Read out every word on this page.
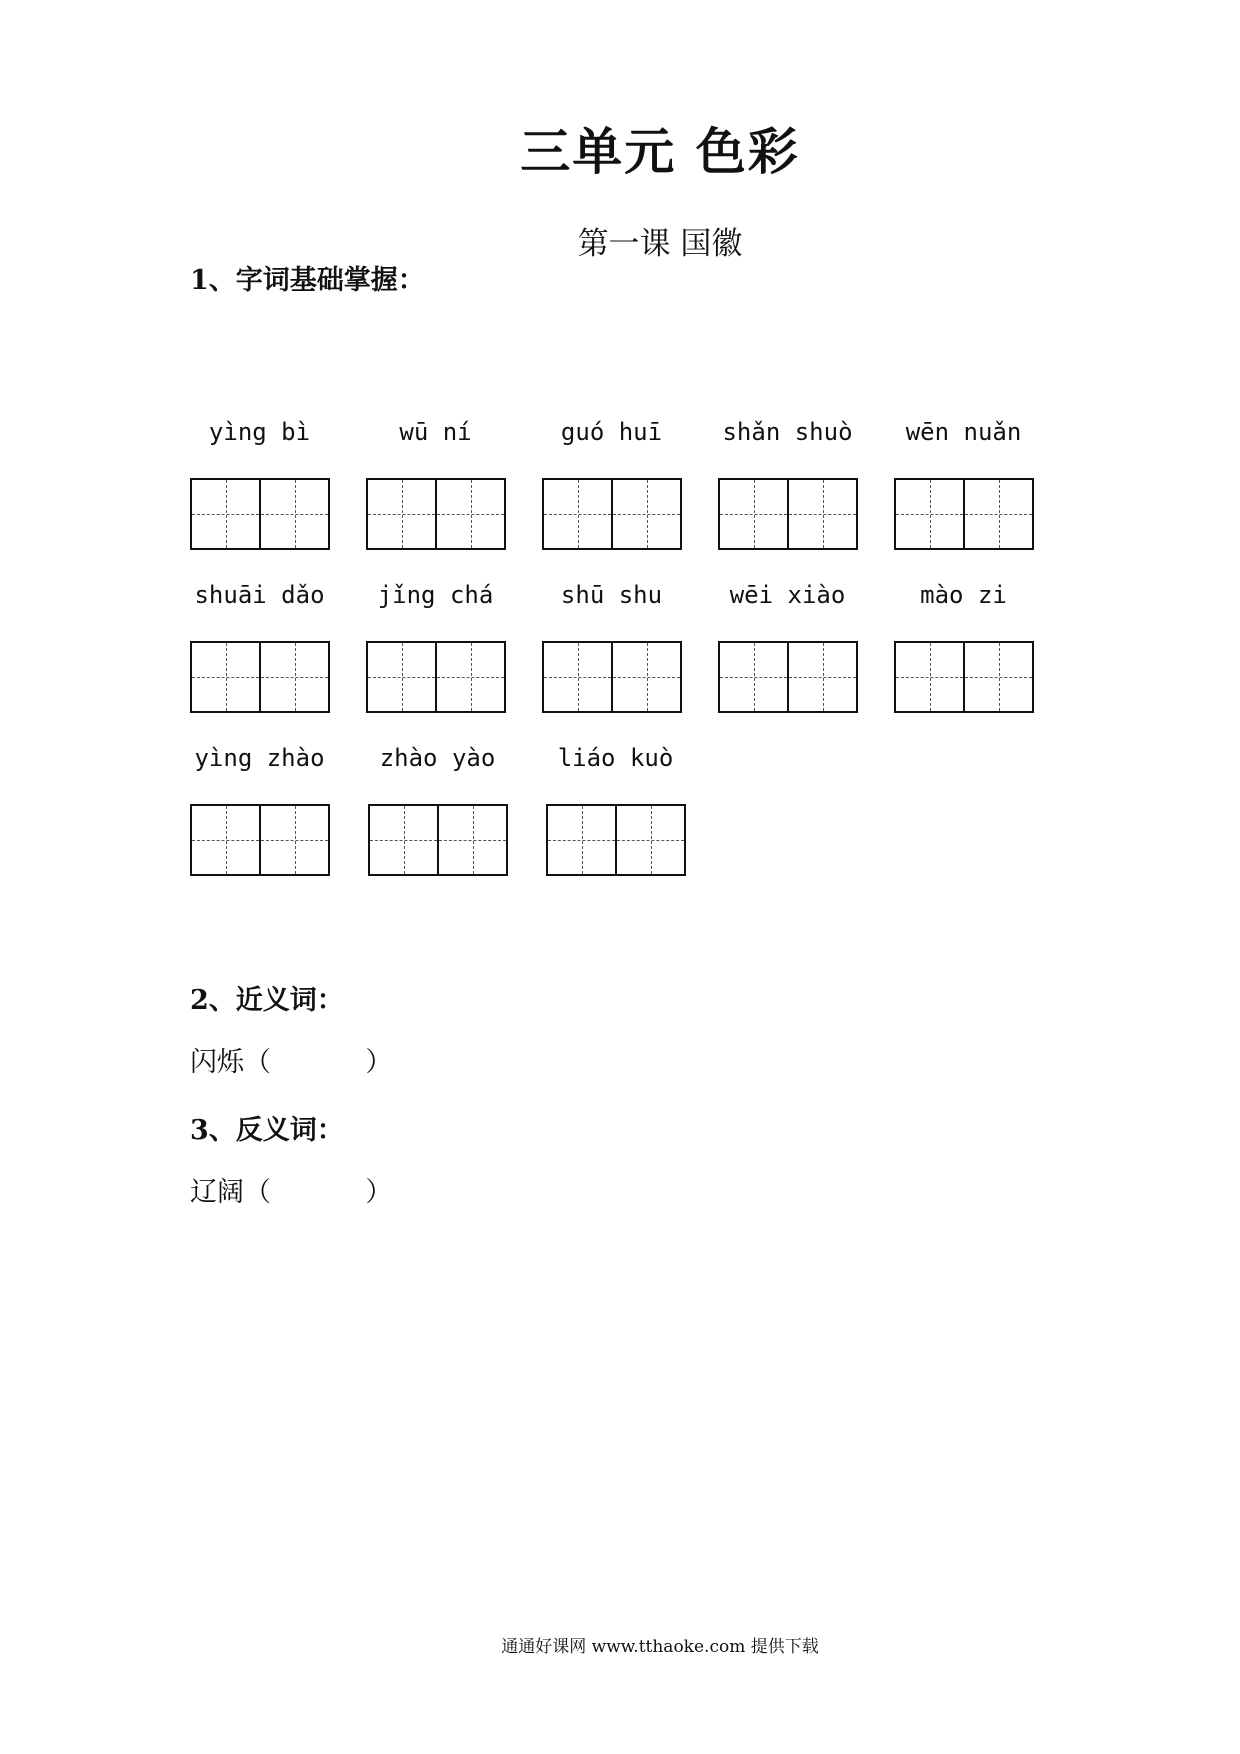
三单元 色彩
第一课 国徽
1、字词基础掌握：
yìng bì	wū ní	guó huī	shǎn shuò	wēn nuǎn
shuāi dǎo	jǐng chá	shū shu	wēi xiào	mào zi
yìng zhào	zhào yào	liáo kuò
2、近义词：
闪烁（           ）
3、反义词：
辽阔（           ）
通通好课网 www.tthaoke.com 提供下载
